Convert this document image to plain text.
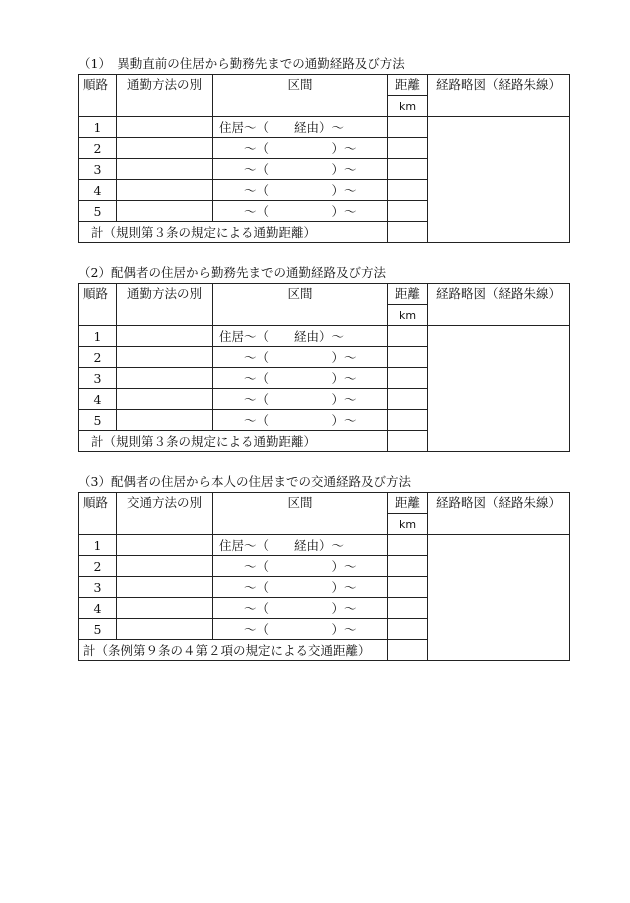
（1）　異動直前の住居から勤務先までの通勤経路及び方法
順路	通勤方法の別	区間	距離	経路略図（経路朱線）
			km	
1		住居～（　　経由）～		
2		　　～（　　　　　）～		
3		　　～（　　　　　）～		
4		　　～（　　　　　）～		
5		　　～（　　　　　）～		
計（規則第３条の規定による通勤距離）				
（2）配偶者の住居から勤務先までの通勤経路及び方法
順路	通勤方法の別	区間	距離	経路略図（経路朱線）
			km	
1		住居～（　　経由）～		
2		　　～（　　　　　）～		
3		　　～（　　　　　）～		
4		　　～（　　　　　）～		
5		　　～（　　　　　）～		
計（規則第３条の規定による通勤距離）				
（3）配偶者の住居から本人の住居までの交通経路及び方法
順路	交通方法の別	区間	距離	経路略図（経路朱線）
			km	
1		住居～（　　経由）～		
2		　　～（　　　　　）～		
3		　　～（　　　　　）～		
4		　　～（　　　　　）～		
5		　　～（　　　　　）～		
計（条例第９条の４第２項の規定による交通距離）				
